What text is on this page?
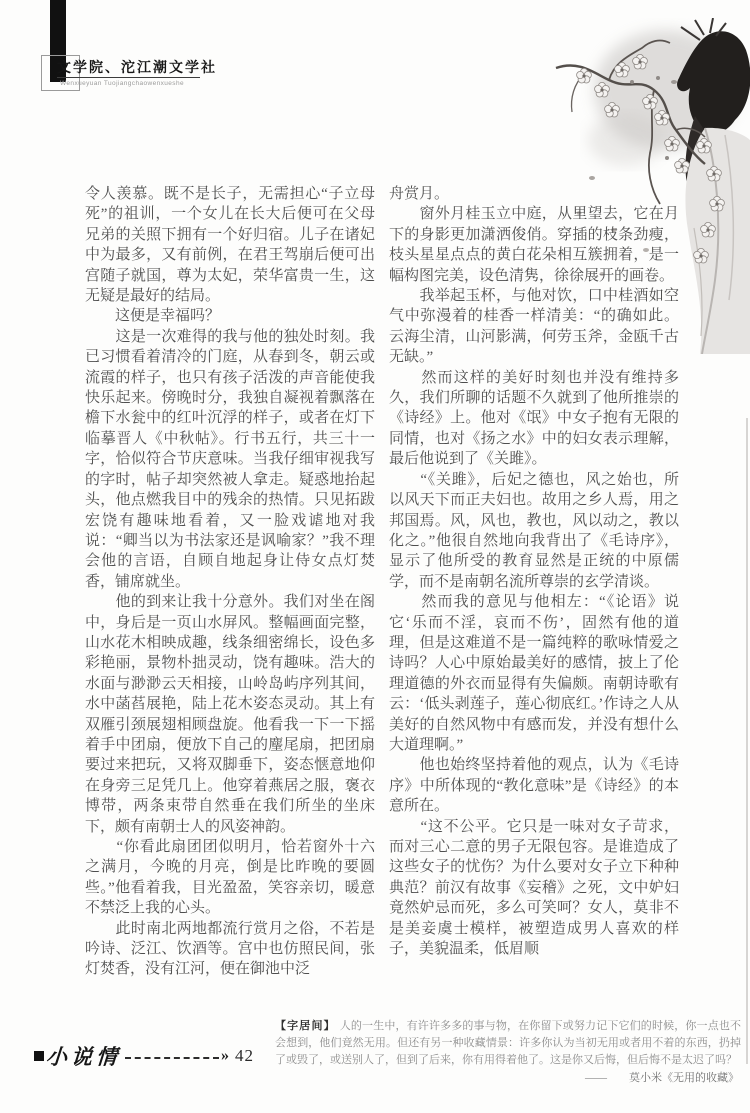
文学院、沱江潮文学社
Wenxueyuan Tuojiangchaowenxueshe

令人羡慕。既不是长子，无需担心“子立母死”的祖训，一个女儿在长大后便可在父母兄弟的关照下拥有一个好归宿。儿子在诸妃中为最多，又有前例，在君王驾崩后便可出宫随子就国，尊为太妃，荣华富贵一生，这无疑是最好的结局。

　　这便是幸福吗？

　　这是一次难得的我与他的独处时刻。我已习惯看着清冷的门庭，从春到冬，朝云或流霞的样子，也只有孩子活泼的声音能使我快乐起来。傍晚时分，我独自凝视着飘落在檐下水瓮中的红叶沉浮的样子，或者在灯下临摹晋人《中秋帖》。行书五行，共三十一字，恰似符合节庆意味。当我仔细审视我写的字时，帖子却突然被人拿走。疑惑地抬起头，他点燃我目中的残余的热情。只见拓跋宏饶有趣味地看着，又一脸戏谑地对我说：“卿当以为书法家还是讽喻家？”我不理会他的言语，自顾自地起身让侍女点灯焚香，铺席就坐。

　　他的到来让我十分意外。我们对坐在阁中，身后是一页山水屏风。整幅画面完整，山水花木相映成趣，线条细密绵长，设色多彩艳丽，景物朴拙灵动，饶有趣味。浩大的水面与渺渺云天相接，山岭岛屿序列其间，水中菡萏展艳，陆上花木姿态灵动。其上有双雁引颈展翅相顾盘旋。他看我一下一下摇着手中团扇，便放下自己的麈尾扇，把团扇要过来把玩，又将双脚垂下，姿态惬意地仰在身旁三足凭几上。他穿着燕居之服，褒衣博带，两条束带自然垂在我们所坐的坐床下，颇有南朝士人的风姿神韵。

　　“你看此扇团团似明月，恰若窗外十六之满月，今晚的月亮，倒是比昨晚的要圆些。”他看着我，目光盈盈，笑容亲切，暖意不禁泛上我的心头。

　　此时南北两地都流行赏月之俗，不若是吟诗、泛江、饮酒等。宫中也仿照民间，张灯焚香，没有江河，便在御池中泛

舟赏月。

　　窗外月桂玉立中庭，从里望去，它在月下的身影更加潇洒俊俏。穿插的枝条劲瘦，枝头星星点点的黄白花朵相互簇拥着，是一幅构图完美，设色清隽，徐徐展开的画卷。

　　我举起玉杯，与他对饮，口中桂酒如空气中弥漫着的桂香一样清美：“的确如此。云海尘清，山河影满，何劳玉斧，金瓯千古无缺。”

　　然而这样的美好时刻也并没有维持多久，我们所聊的话题不久就到了他所推崇的《诗经》上。他对《氓》中女子抱有无限的同情，也对《扬之水》中的妇女表示理解，最后他说到了《关雎》。

　　“《关雎》，后妃之德也，风之始也，所以风天下而正夫妇也。故用之乡人焉，用之邦国焉。风，风也，教也，风以动之，教以化之。”他很自然地向我背出了《毛诗序》，显示了他所受的教育显然是正统的中原儒学，而不是南朝名流所尊崇的玄学清谈。

　　然而我的意见与他相左：“《论语》说它‘乐而不淫，哀而不伤’，固然有他的道理，但是这难道不是一篇纯粹的歌咏情爱之诗吗？人心中原始最美好的感情，披上了伦理道德的外衣而显得有失偏颇。南朝诗歌有云：‘低头剥莲子，莲心彻底红。’作诗之人从美好的自然风物中有感而发，并没有想什么大道理啊。”

　　他也始终坚持着他的观点，认为《毛诗序》中所体现的“教化意味”是《诗经》的本意所在。

　　“这不公平。它只是一味对女子苛求，而对三心二意的男子无限包容。是谁造成了这些女子的忧伤？为什么要对女子立下种种典范？前汉有故事《妄稽》之死，文中妒妇竟然妒忌而死，多么可笑呵？女人，莫非不是美妾虞士模样，被塑造成男人喜欢的样子，美貌温柔，低眉顺

小说情	» 42

【字居间】 人的一生中，有许许多多的事与物，在你留下或努力记下它们的时候，你一点也不会想到，他们竟然无用。但还有另一种收藏情景：许多你认为当初无用或者用不着的东西，扔掉了或毁了，或送别人了，但到了后来，你有用得着他了。这是你又后悔，但后悔不是太迟了吗？

——　　莫小米《无用的收藏》
